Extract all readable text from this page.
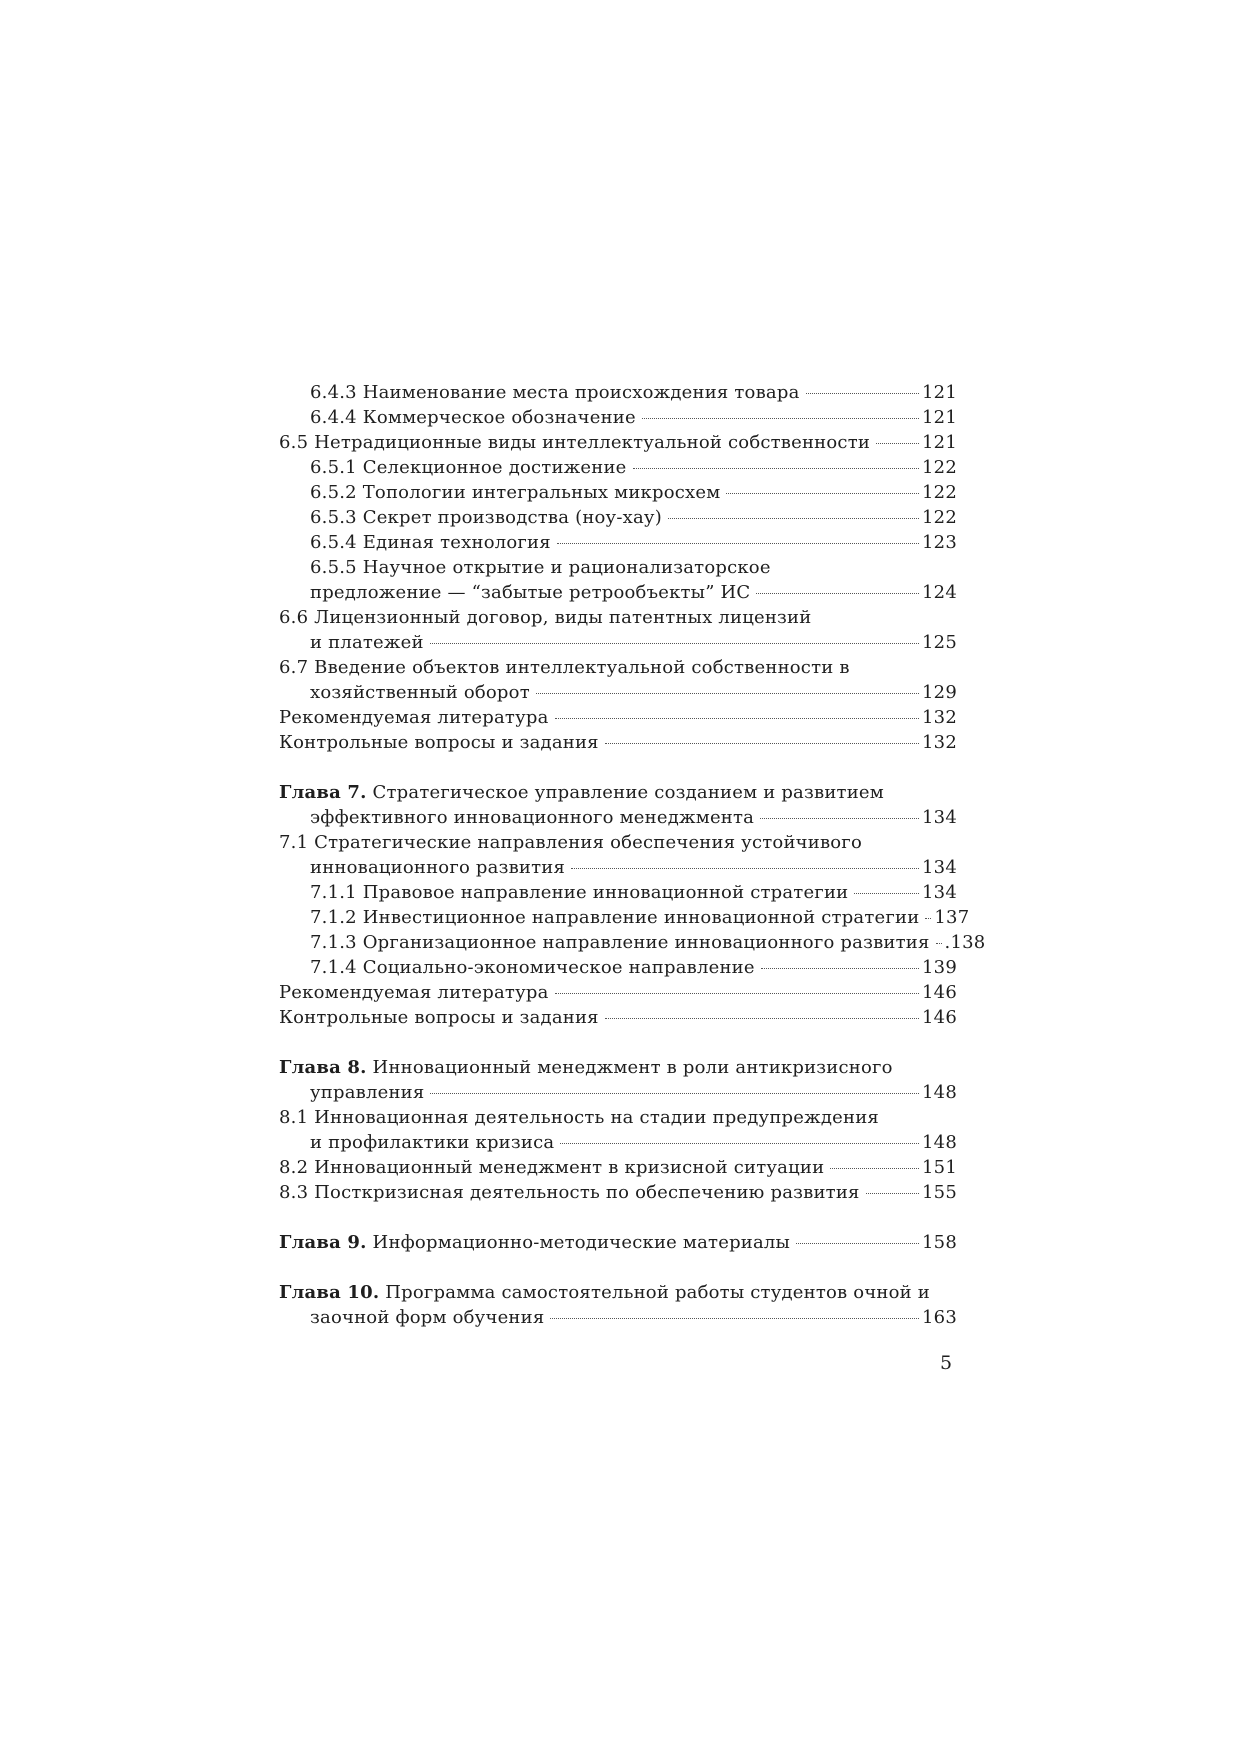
6.4.3 Наименование места происхождения товара	121
6.4.4 Коммерческое обозначение	121
6.5 Нетрадиционные виды интеллектуальной собственности	121
6.5.1 Селекционное достижение	122
6.5.2 Топологии интегральных микросхем	122
6.5.3 Секрет производства (ноу-хау)	122
6.5.4 Единая технология	123
6.5.5 Научное открытие и рационализаторское
предложение — “забытые ретрообъекты” ИС	124
6.6 Лицензионный договор, виды патентных лицензий
и платежей	125
6.7 Введение объектов интеллектуальной собственности в
хозяйственный оборот	129
Рекомендуемая литература	132
Контрольные вопросы и задания	132
Глава 7. Стратегическое управление созданием и развитием
эффективного инновационного менеджмента	134
7.1 Стратегические направления обеспечения устойчивого
инновационного развития	134
7.1.1 Правовое направление инновационной стратегии	134
7.1.2 Инвестиционное направление инновационной стратегии 137
7.1.3 Организационное направление инновационного развития .138
7.1.4 Социально-экономическое направление	139
Рекомендуемая литература	146
Контрольные вопросы и задания	146
Глава 8. Инновационный менеджмент в роли антикризисного
управления	148
8.1 Инновационная деятельность на стадии предупреждения
и профилактики кризиса	148
8.2 Инновационный менеджмент в кризисной ситуации	151
8.3 Посткризисная деятельность по обеспечению развития	155
Глава 9. Информационно-методические материалы	158
Глава 10. Программа самостоятельной работы студентов очной и
заочной форм обучения	163
5
